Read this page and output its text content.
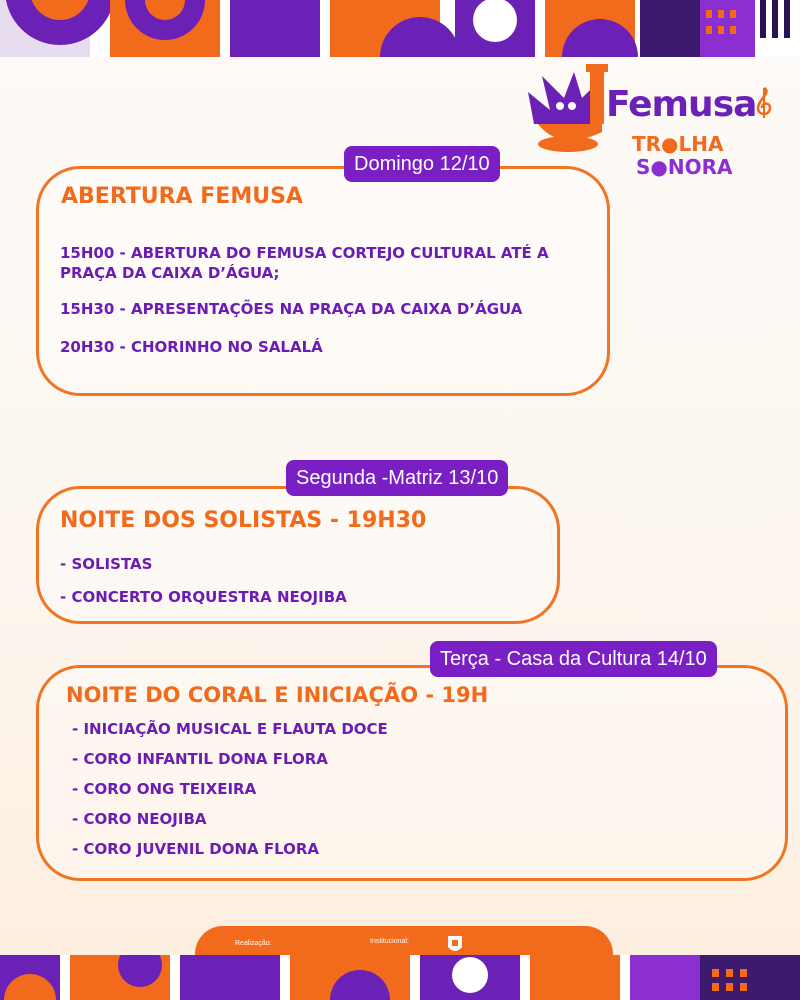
Femusa
TR●LHA
S●NORA
Domingo 12/10
ABERTURA FEMUSA
15H00 - ABERTURA DO FEMUSA CORTEJO CULTURAL ATÉ A
PRAÇA DA CAIXA D’ÁGUA;
15H30 - APRESENTAÇÕES NA PRAÇA DA CAIXA D’ÁGUA
20H30 - CHORINHO NO SALALÁ
Segunda -Matriz 13/10
NOITE DOS SOLISTAS - 19H30
- SOLISTAS
- CONCERTO ORQUESTRA NEOJIBA
Terça - Casa da Cultura 14/10
NOITE DO CORAL E INICIAÇÃO - 19H
- INICIAÇÃO MUSICAL E FLAUTA DOCE
- CORO INFANTIL DONA FLORA
- CORO ONG TEIXEIRA
- CORO NEOJIBA
- CORO JUVENIL DONA FLORA
Realização:	Institucional:
